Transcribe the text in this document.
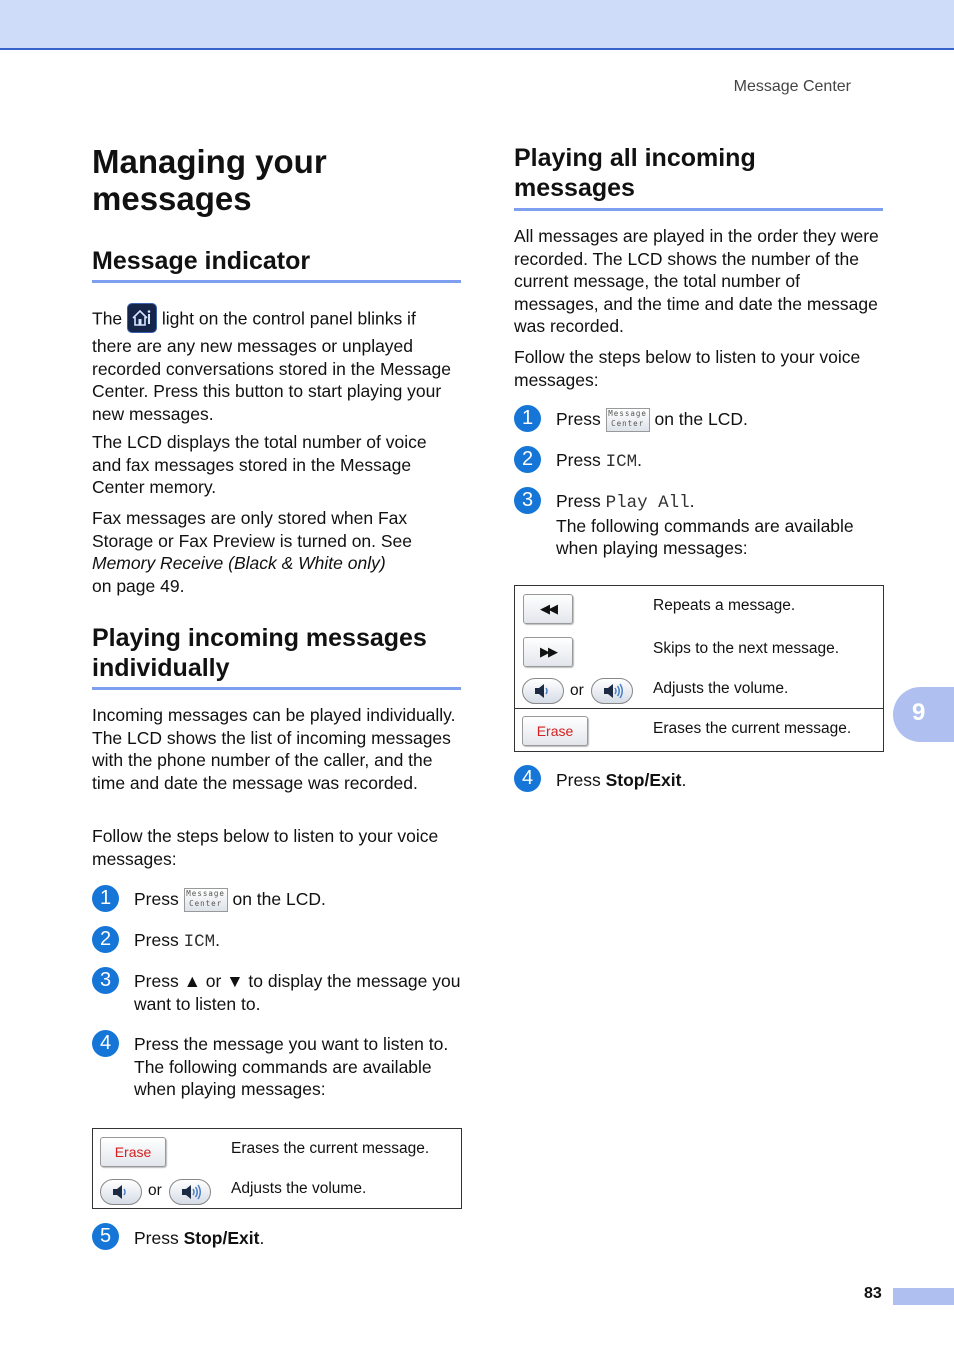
Message Center
9
Managing your messages
Message indicator

The light on the control panel blinks if there are any new messages or unplayed recorded conversations stored in the Message Center. Press this button to start playing your new messages.

The LCD displays the total number of voice and fax messages stored in the Message Center memory.

Fax messages are only stored when Fax Storage or Fax Preview is turned on. See Memory Receive (Black & White only)
on page 49.

Playing incoming messages individually

Incoming messages can be played individually. The LCD shows the list of incoming messages with the phone number of the caller, and the time and date the message was recorded.

Follow the steps below to listen to your voice messages:

1	Press Message
Center on the LCD.
2	Press ICM.
3	Press ▲ or ▼ to display the message you want to listen to.
4	Press the message you want to listen to. The following commands are available when playing messages:
Erase	Erases the current message.
or	Adjusts the volume.
5	Press Stop/Exit.
Playing all incoming messages

All messages are played in the order they were recorded. The LCD shows the number of the current message, the total number of messages, and the time and date the message was recorded.

Follow the steps below to listen to your voice messages:

1	Press Message
Center on the LCD.
2	Press ICM.
3	Press Play All.
The following commands are available when playing messages:
◀◀	Repeats a message.
▶▶	Skips to the next message.
or	Adjusts the volume.
Erase	Erases the current message.
4	Press Stop/Exit.
83
